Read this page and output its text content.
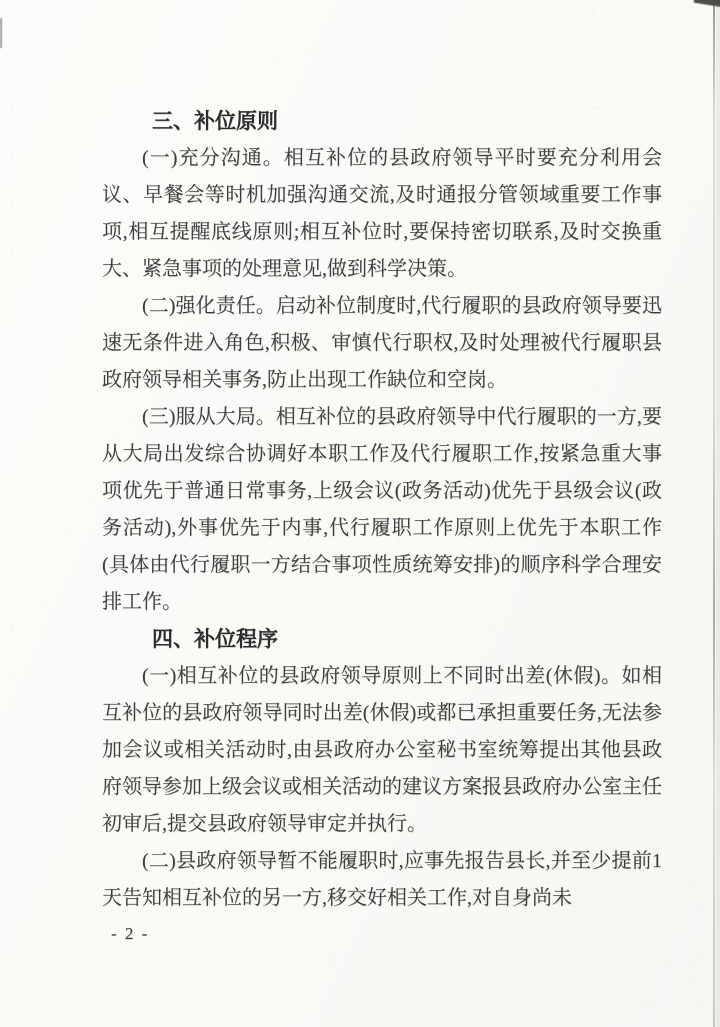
三、补位原则
(一)充分沟通。相互补位的县政府领导平时要充分利用会议、早餐会等时机加强沟通交流,及时通报分管领域重要工作事项,相互提醒底线原则;相互补位时,要保持密切联系,及时交换重大、紧急事项的处理意见,做到科学决策。
(二)强化责任。启动补位制度时,代行履职的县政府领导要迅速无条件进入角色,积极、审慎代行职权,及时处理被代行履职县政府领导相关事务,防止出现工作缺位和空岗。
(三)服从大局。相互补位的县政府领导中代行履职的一方,要从大局出发综合协调好本职工作及代行履职工作,按紧急重大事项优先于普通日常事务,上级会议(政务活动)优先于县级会议(政务活动),外事优先于内事,代行履职工作原则上优先于本职工作(具体由代行履职一方结合事项性质统筹安排)的顺序科学合理安排工作。
四、补位程序
(一)相互补位的县政府领导原则上不同时出差(休假)。如相互补位的县政府领导同时出差(休假)或都已承担重要任务,无法参加会议或相关活动时,由县政府办公室秘书室统筹提出其他县政府领导参加上级会议或相关活动的建议方案报县政府办公室主任初审后,提交县政府领导审定并执行。
(二)县政府领导暂不能履职时,应事先报告县长,并至少提前1天告知相互补位的另一方,移交好相关工作,对自身尚未
- 2 -
